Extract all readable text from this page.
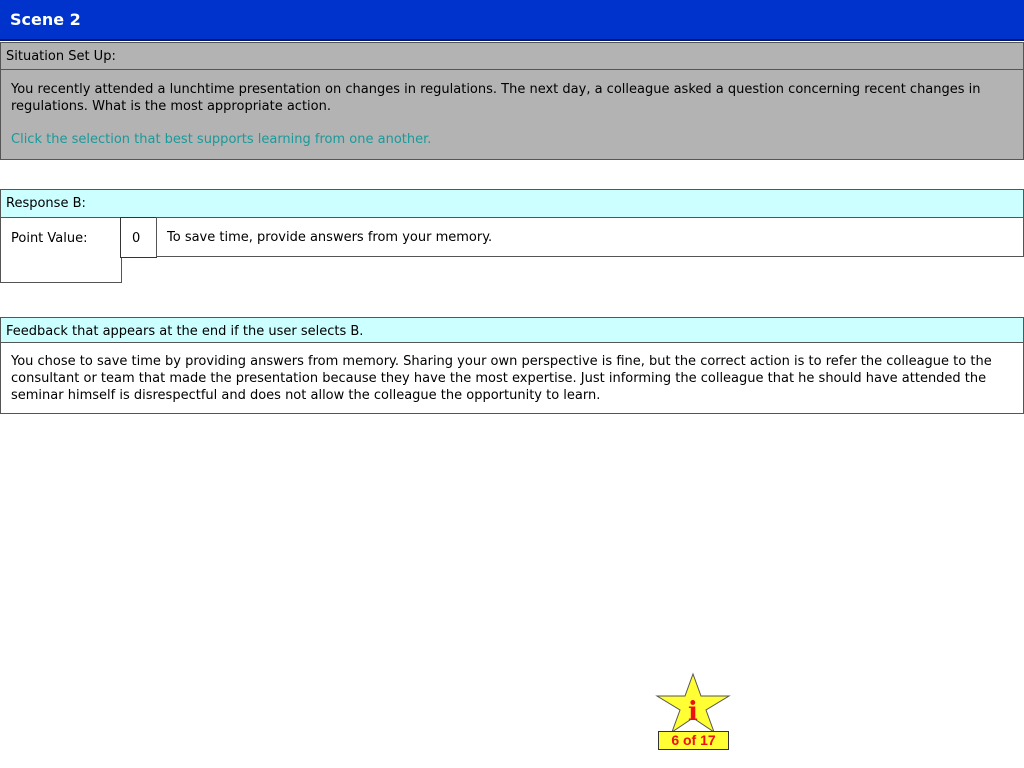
Scene 2
Situation Set Up:
You recently attended a lunchtime presentation on changes in regulations. The next day, a colleague asked a question concerning recent changes in regulations. What is the most appropriate action.
Click the selection that best supports learning from one another.
Response B:
Point Value:	0 To save time, provide answers from your memory.
Feedback that appears at the end if the user selects B.
You chose to save time by providing answers from memory. Sharing your own perspective is fine, but the correct action is to refer the colleague to the consultant or team that made the presentation because they have the most expertise. Just informing the colleague that he should have attended the seminar himself is disrespectful and does not allow the colleague the opportunity to learn.
i
6 of 17
